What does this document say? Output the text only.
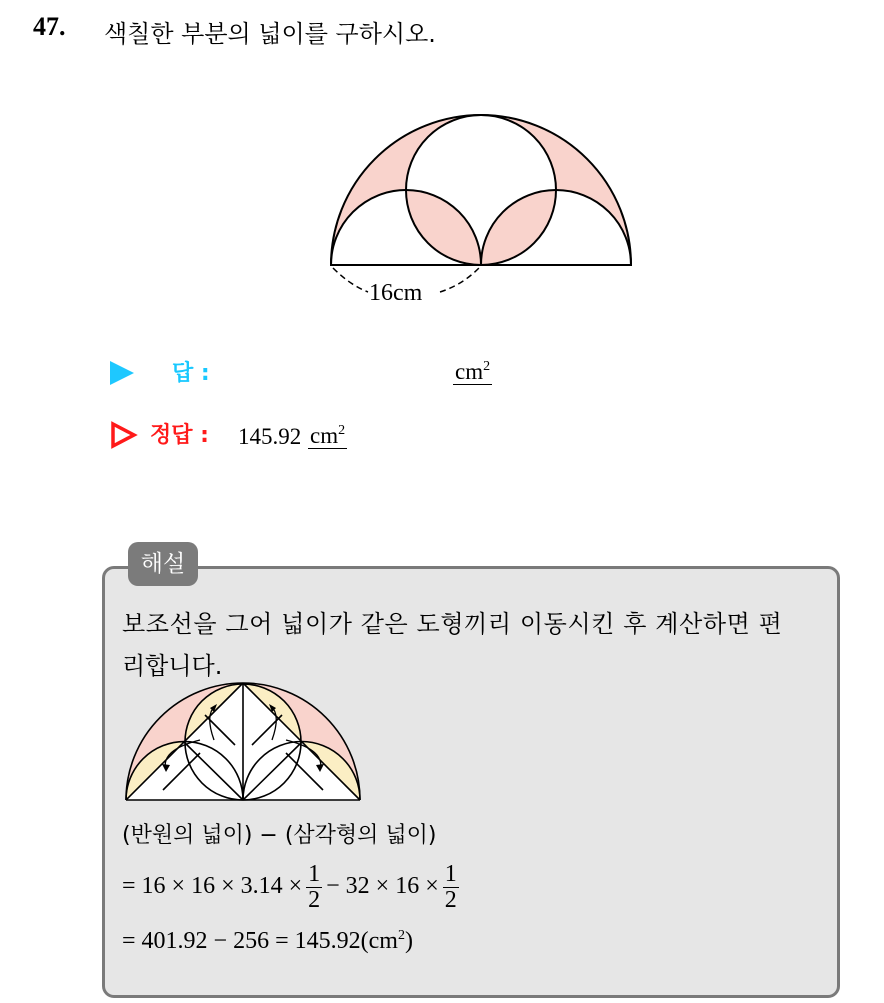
47. 색칠한 부분의 넓이를 구하시오.
16cm
답 :	$cm^2$
정답 : 145.92 $cm^2$
해설
보조선을 그어 넓이가 같은 도형끼리 이동시킨 후 계산하면 편
리합니다.
(반원의 넓이) − (삼각형의 넓이)
= $16 \times 16 \times 3.14 \times \frac{1}{2} - 32 \times 16 \times \frac{1}{2}$
= $401.92 - 256 = 145.92(cm^2)$
